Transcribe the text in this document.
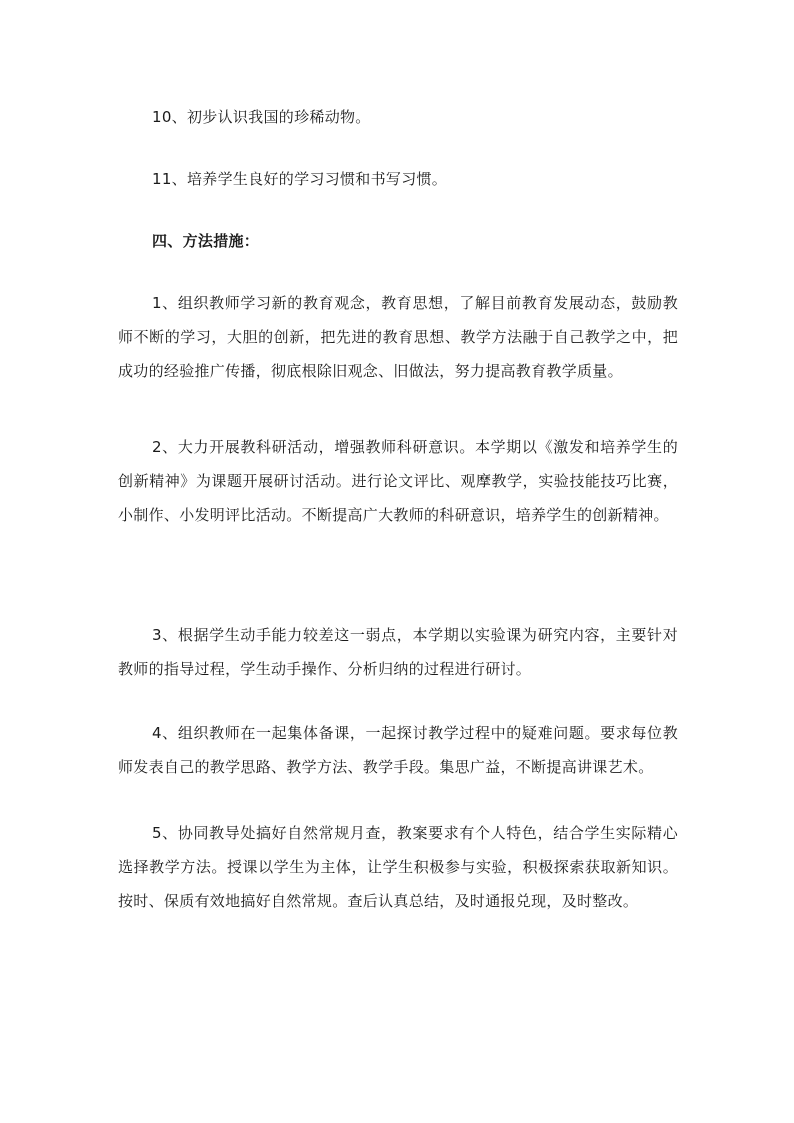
10、初步认识我国的珍稀动物。

11、培养学生良好的学习习惯和书写习惯。

四、方法措施：

1、组织教师学习新的教育观念，教育思想，了解目前教育发展动态，鼓励教师不断的学习，大胆的创新，把先进的教育思想、教学方法融于自己教学之中，把成功的经验推广传播，彻底根除旧观念、旧做法，努力提高教育教学质量。

2、大力开展教科研活动，增强教师科研意识。本学期以《激发和培养学生的创新精神》为课题开展研讨活动。进行论文评比、观摩教学，实验技能技巧比赛，小制作、小发明评比活动。不断提高广大教师的科研意识，培养学生的创新精神。

3、根据学生动手能力较差这一弱点，本学期以实验课为研究内容，主要针对教师的指导过程，学生动手操作、分析归纳的过程进行研讨。

4、组织教师在一起集体备课，一起探讨教学过程中的疑难问题。要求每位教师发表自己的教学思路、教学方法、教学手段。集思广益，不断提高讲课艺术。

5、协同教导处搞好自然常规月查，教案要求有个人特色，结合学生实际精心选择教学方法。授课以学生为主体，让学生积极参与实验，积极探索获取新知识。按时、保质有效地搞好自然常规。查后认真总结，及时通报兑现，及时整改。
